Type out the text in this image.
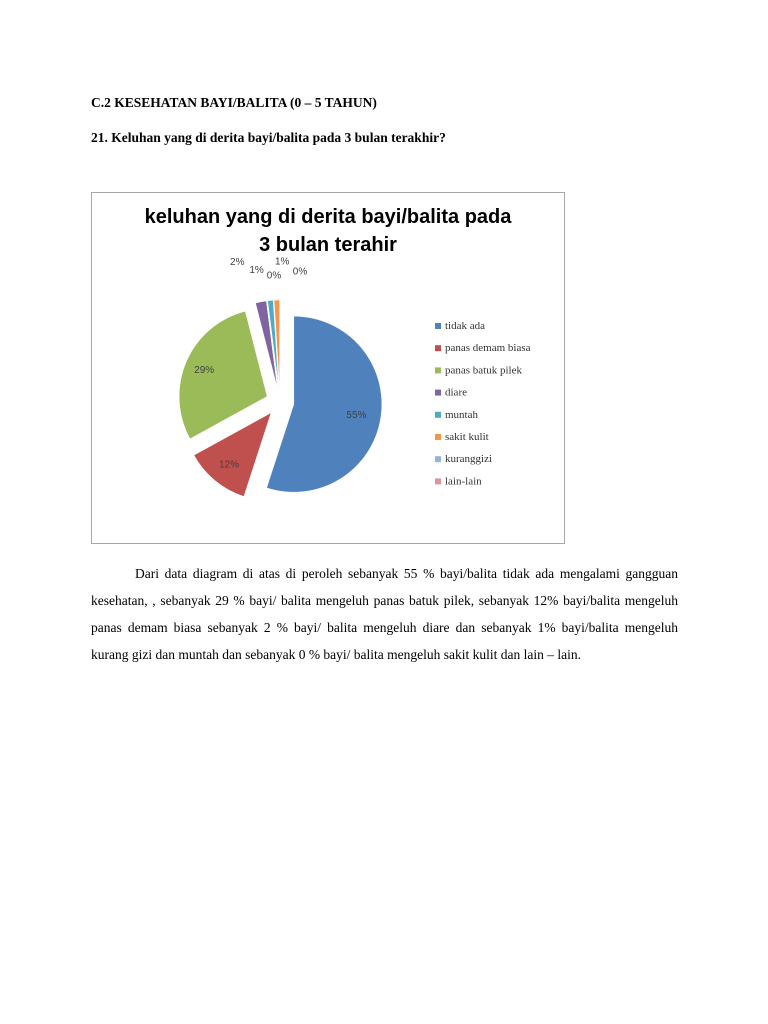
C.2 KESEHATAN BAYI/BALITA (0 – 5 TAHUN)
21. Keluhan yang di derita bayi/balita pada 3 bulan terakhir?
keluhan yang di derita bayi/balita pada
3 bulan terahir
55%
12%
29%
2%
1%
1%
0% 0%
tidak ada
panas demam biasa
panas batuk pilek
diare
muntah
sakit kulit
kuranggizi
lain-lain

Dari data diagram di atas di peroleh sebanyak 55 % bayi/balita tidak ada mengalami gangguan kesehatan, , sebanyak 29 % bayi/ balita mengeluh panas batuk pilek, sebanyak 12% bayi/balita mengeluh panas demam biasa sebanyak 2 % bayi/ balita mengeluh diare dan sebanyak 1% bayi/balita mengeluh kurang gizi dan muntah dan sebanyak 0 % bayi/ balita mengeluh sakit kulit dan lain – lain.
